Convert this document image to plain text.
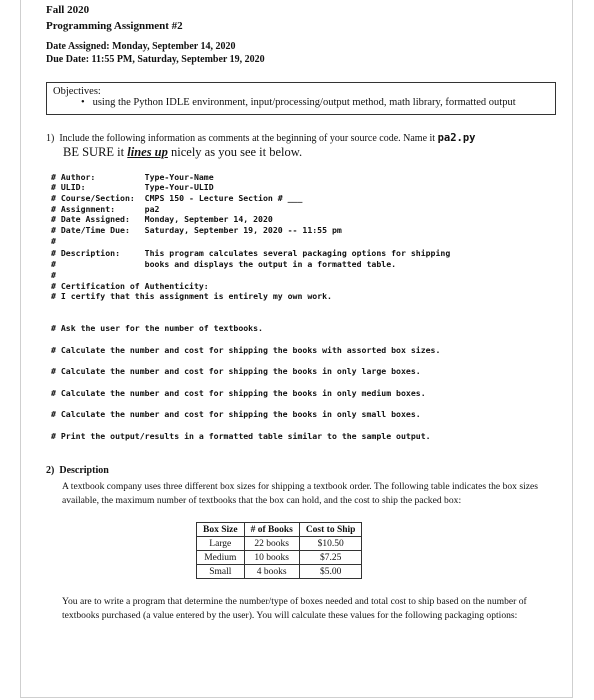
Fall 2020
Programming Assignment #2
Date Assigned: Monday, September 14, 2020
Due Date: 11:55 PM, Saturday, September 19, 2020
Objectives:
•   using the Python IDLE environment, input/processing/output method, math library, formatted output
1) Include the following information as comments at the beginning of your source code. Name it pa2.py
BE SURE it lines up nicely as you see it below.
# Author:          Type-Your-Name
# ULID:            Type-Your-ULID
# Course/Section:  CMPS 150 - Lecture Section # ___
# Assignment:      pa2
# Date Assigned:   Monday, September 14, 2020
# Date/Time Due:   Saturday, September 19, 2020 -- 11:55 pm
#
# Description:     This program calculates several packaging options for shipping
#                  books and displays the output in a formatted table.
#
# Certification of Authenticity:
# I certify that this assignment is entirely my own work.
# Ask the user for the number of textbooks.
# Calculate the number and cost for shipping the books with assorted box sizes.
# Calculate the number and cost for shipping the books in only large boxes.
# Calculate the number and cost for shipping the books in only medium boxes.
# Calculate the number and cost for shipping the books in only small boxes.
# Print the output/results in a formatted table similar to the sample output.
2) Description
A textbook company uses three different box sizes for shipping a textbook order. The following table indicates the box sizes available, the maximum number of textbooks that the box can hold, and the cost to ship the packed box:
Box Size	# of Books	Cost to Ship
Large	22 books	$10.50
Medium	10 books	$7.25
Small	4 books	$5.00
You are to write a program that determine the number/type of boxes needed and total cost to ship based on the number of textbooks purchased (a value entered by the user). You will calculate these values for the following packaging options:
